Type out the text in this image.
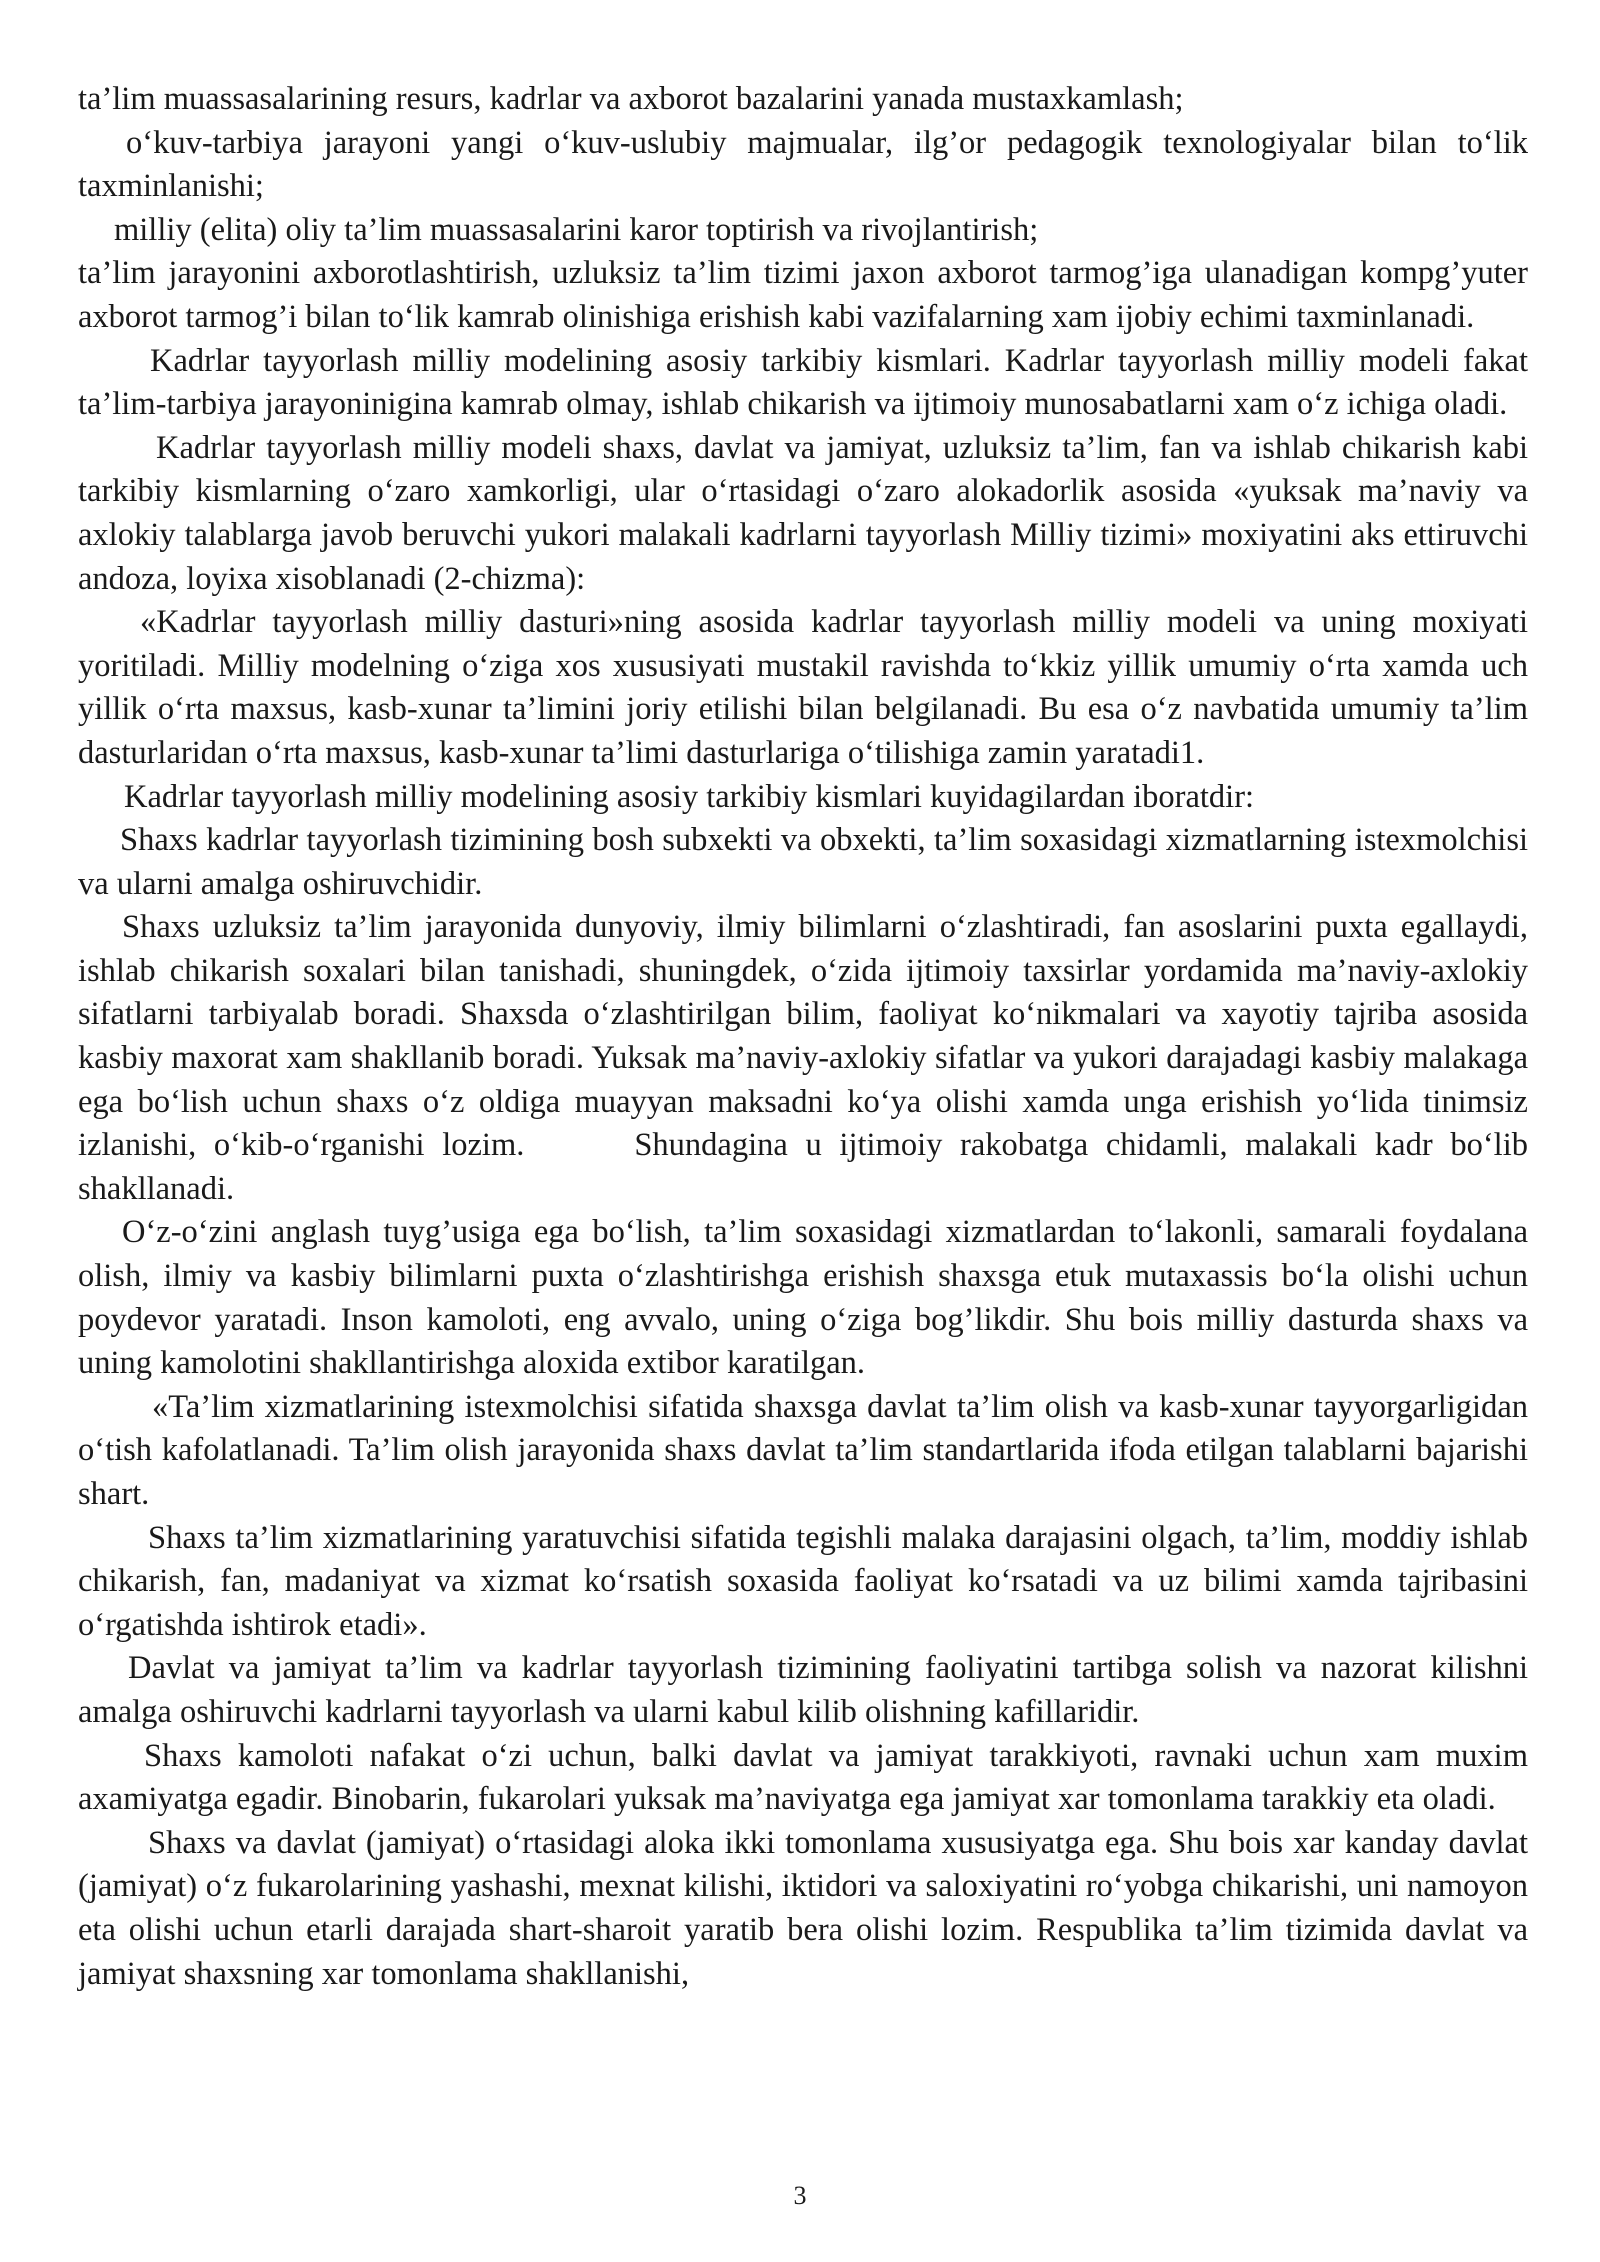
ta’lim muassasalarining resurs, kadrlar va axborot bazalarini yanada mustaxkamlash;

o‘kuv-tarbiya jarayoni yangi o‘kuv-uslubiy majmualar, ilg’or pedagogik texnologiyalar bilan to‘lik taxminlanishi;

milliy (elita) oliy ta’lim muassasalarini karor toptirish va rivojlantirish;

ta’lim jarayonini axborotlashtirish, uzluksiz ta’lim tizimi jaxon axborot tarmog’iga ulanadigan kompg’yuter axborot tarmog’i bilan to‘lik kamrab olinishiga erishish kabi vazifalarning xam ijobiy echimi taxminlanadi.

Kadrlar tayyorlash milliy modelining asosiy tarkibiy kismlari. Kadrlar tayyorlash milliy modeli fakat ta’lim-tarbiya jarayoninigina kamrab olmay, ishlab chikarish va ijtimoiy munosabatlarni xam o‘z ichiga oladi.

Kadrlar tayyorlash milliy modeli shaxs, davlat va jamiyat, uzluksiz ta’lim, fan va ishlab chikarish kabi tarkibiy kismlarning o‘zaro xamkorligi, ular o‘rtasidagi o‘zaro alokadorlik asosida «yuksak ma’naviy va axlokiy talablarga javob beruvchi yukori malakali kadrlarni tayyorlash Milliy tizimi» moxiyatini aks ettiruvchi andoza, loyixa xisoblanadi (2-chizma):

«Kadrlar tayyorlash milliy dasturi»ning asosida kadrlar tayyorlash milliy modeli va uning moxiyati yoritiladi. Milliy modelning o‘ziga xos xususiyati mustakil ravishda to‘kkiz yillik umumiy o‘rta xamda uch yillik o‘rta maxsus, kasb-xunar ta’limini joriy etilishi bilan belgilanadi. Bu esa o‘z navbatida umumiy ta’lim dasturlaridan o‘rta maxsus, kasb-xunar ta’limi dasturlariga o‘tilishiga zamin yaratadi1.

Kadrlar tayyorlash milliy modelining asosiy tarkibiy kismlari kuyidagilardan iboratdir:

Shaxs kadrlar tayyorlash tizimining bosh subxekti va obxekti, ta’lim soxasidagi xizmatlarning istexmolchisi va ularni amalga oshiruvchidir.

Shaxs uzluksiz ta’lim jarayonida dunyoviy, ilmiy bilimlarni o‘zlashtiradi, fan asoslarini puxta egallaydi, ishlab chikarish soxalari bilan tanishadi, shuningdek, o‘zida ijtimoiy taxsirlar yordamida ma’naviy-axlokiy sifatlarni tarbiyalab boradi. Shaxsda o‘zlashtirilgan bilim, faoliyat ko‘nikmalari va xayotiy tajriba asosida kasbiy maxorat xam shakllanib boradi. Yuksak ma’naviy-axlokiy sifatlar va yukori darajadagi kasbiy malakaga ega bo‘lish uchun shaxs o‘z oldiga muayyan maksadni ko‘ya olishi xamda unga erishish yo‘lida tinimsiz izlanishi, o‘kib-o‘rganishi lozim.	Shundagina u ijtimoiy rakobatga chidamli, malakali kadr bo‘lib shakllanadi.

O‘z-o‘zini anglash tuyg’usiga ega bo‘lish, ta’lim soxasidagi xizmatlardan to‘lakonli, samarali foydalana olish, ilmiy va kasbiy bilimlarni puxta o‘zlashtirishga erishish shaxsga etuk mutaxassis bo‘la olishi uchun poydevor yaratadi. Inson kamoloti, eng avvalo, uning o‘ziga bog’likdir. Shu bois milliy dasturda shaxs va uning kamolotini shakllantirishga aloxida extibor karatilgan.

«Ta’lim xizmatlarining istexmolchisi sifatida shaxsga davlat ta’lim olish va kasb-xunar tayyorgarligidan o‘tish kafolatlanadi. Ta’lim olish jarayonida shaxs davlat ta’lim standartlarida ifoda etilgan talablarni bajarishi shart.

Shaxs ta’lim xizmatlarining yaratuvchisi sifatida tegishli malaka darajasini olgach, ta’lim, moddiy ishlab chikarish, fan, madaniyat va xizmat ko‘rsatish soxasida faoliyat ko‘rsatadi va uz bilimi xamda tajribasini o‘rgatishda ishtirok etadi».

Davlat va jamiyat ta’lim va kadrlar tayyorlash tizimining faoliyatini tartibga solish va nazorat kilishni amalga oshiruvchi kadrlarni tayyorlash va ularni kabul kilib olishning kafillaridir.

Shaxs kamoloti nafakat o‘zi uchun, balki davlat va jamiyat tarakkiyoti, ravnaki uchun xam muxim axamiyatga egadir. Binobarin, fukarolari yuksak ma’naviyatga ega jamiyat xar tomonlama tarakkiy eta oladi.

Shaxs va davlat (jamiyat) o‘rtasidagi aloka ikki tomonlama xususiyatga ega. Shu bois xar kanday davlat (jamiyat) o‘z fukarolarining yashashi, mexnat kilishi, iktidori va saloxiyatini ro‘yobga chikarishi, uni namoyon eta olishi uchun etarli darajada shart-sharoit yaratib bera olishi lozim. Respublika ta’lim tizimida davlat va jamiyat shaxsning xar tomonlama shakllanishi,

3
